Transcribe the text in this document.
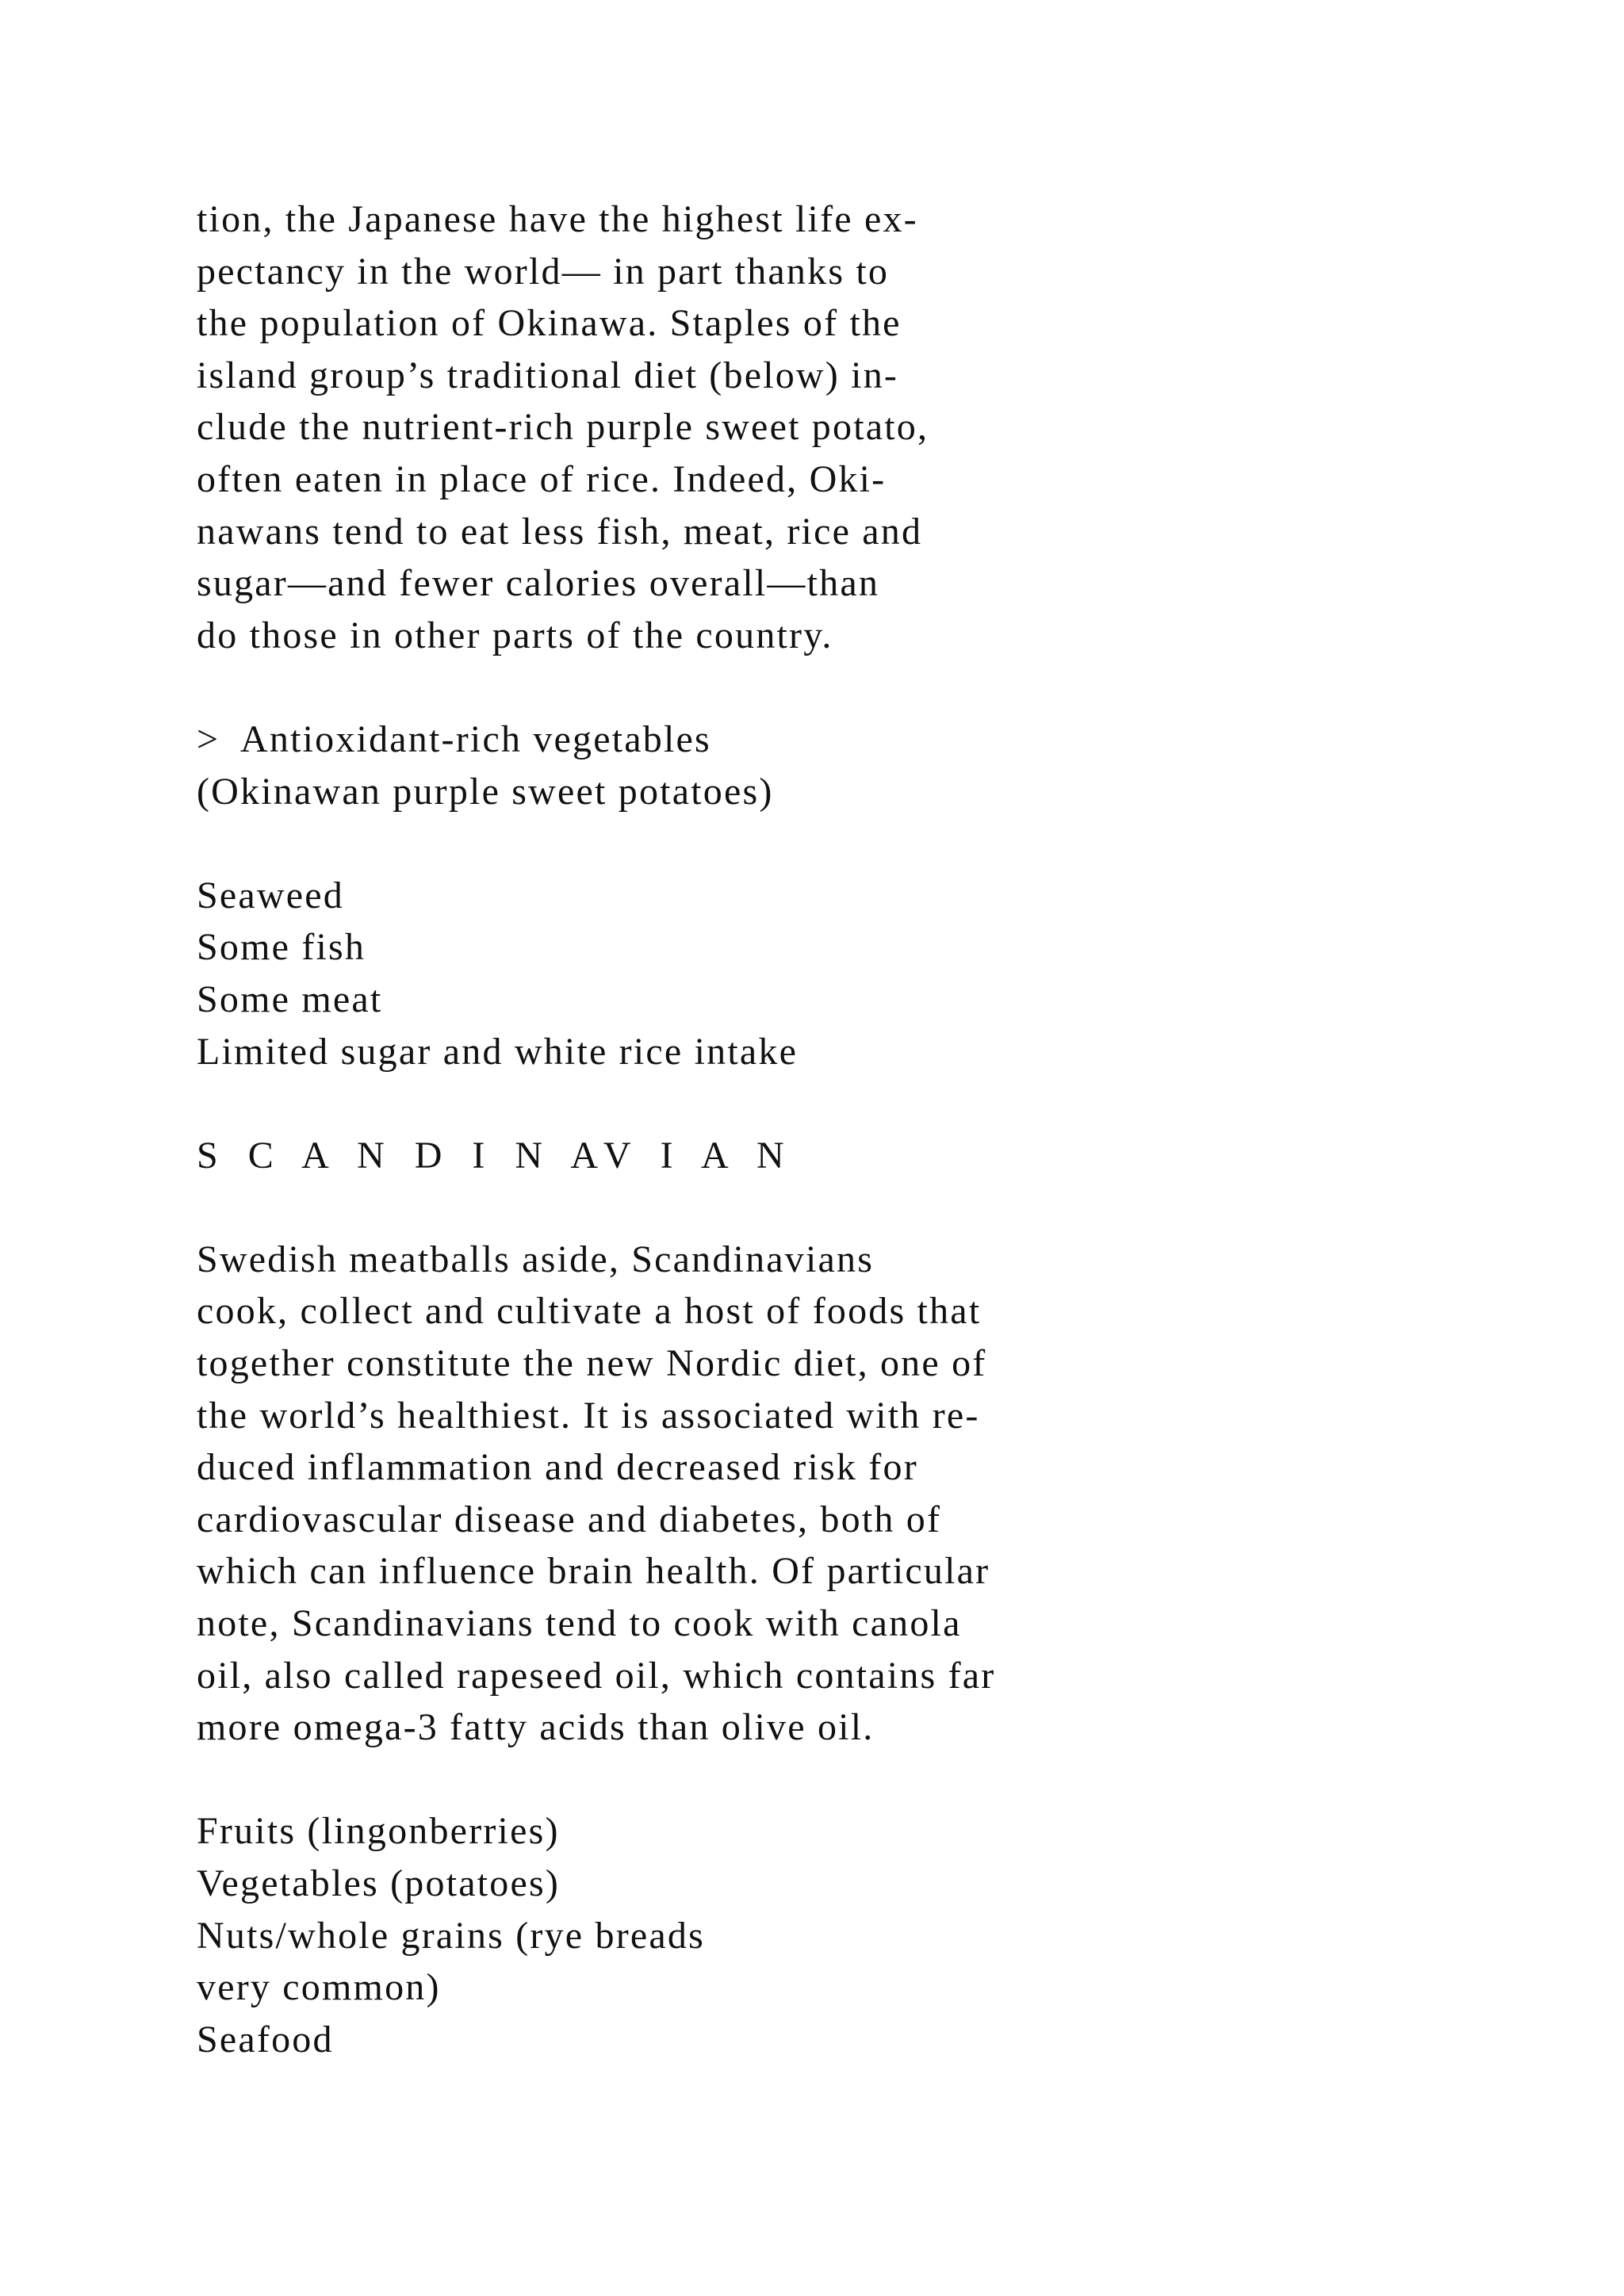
tion, the Japanese have the highest life ex-
pectancy in the world— in part thanks to
the population of Okinawa. Staples of the
island group’s traditional diet (below) in-
clude the nutrient-rich purple sweet potato,
often eaten in place of rice. Indeed, Oki-
nawans tend to eat less fish, meat, rice and
sugar—and fewer calories overall—than
do those in other parts of the country.
>  Antioxidant-rich vegetables
(Okinawan purple sweet potatoes)
Seaweed
Some fish
Some meat
Limited sugar and white rice intake
S C A N D I N AV I A N
Swedish meatballs aside, Scandinavians
cook, collect and cultivate a host of foods that
together constitute the new Nordic diet, one of
the world’s healthiest. It is associated with re-
duced inflammation and decreased risk for
cardiovascular disease and diabetes, both of
which can influence brain health. Of particular
note, Scandinavians tend to cook with canola
oil, also called rapeseed oil, which contains far
more omega-3 fatty acids than olive oil.
Fruits (lingonberries)
Vegetables (potatoes)
Nuts/whole grains (rye breads
very common)
Seafood
